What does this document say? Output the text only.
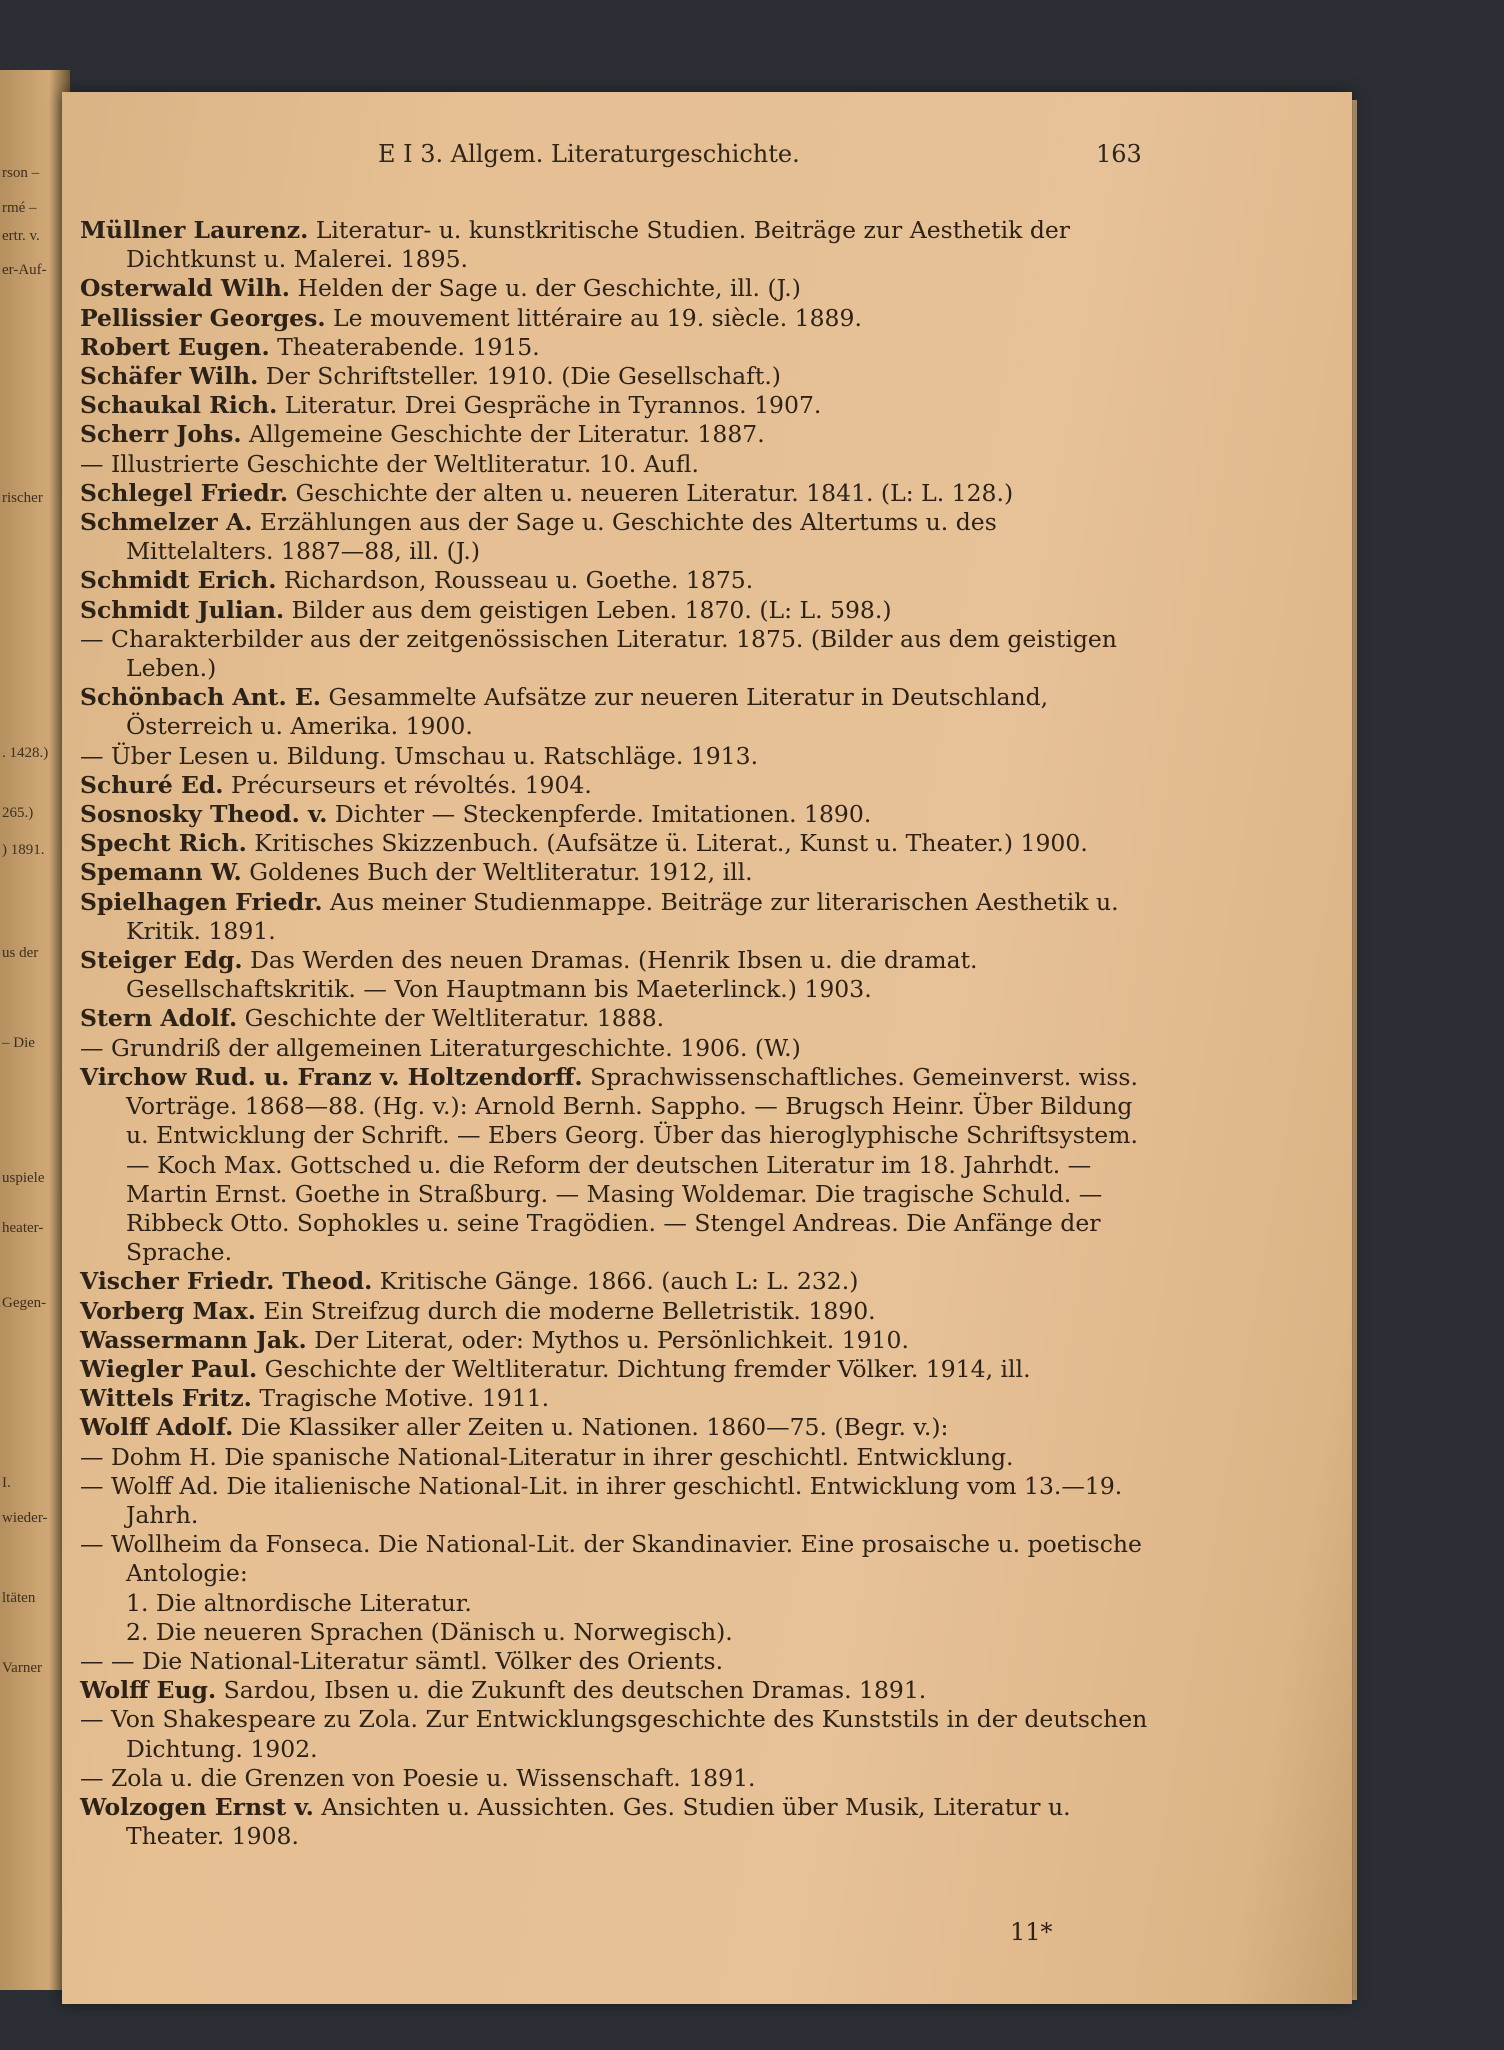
rson –
rmé –
ertr. v.
er-Auf-
rischer
. 1428.)
265.)
) 1891.
us der
– Die
uspiele
heater-
Gegen-
I.
wieder-
ltäten
Varner
E I 3. Allgem. Literaturgeschichte.	163

Müllner Laurenz. Literatur- u. kunstkritische Studien. Beiträge zur Aesthetik der Dichtkunst u. Malerei. 1895.

Osterwald Wilh. Helden der Sage u. der Geschichte, ill. (J.)

Pellissier Georges. Le mouvement littéraire au 19. siècle. 1889.

Robert Eugen. Theaterabende. 1915.

Schäfer Wilh. Der Schriftsteller. 1910. (Die Gesellschaft.)

Schaukal Rich. Literatur. Drei Gespräche in Tyrannos. 1907.

Scherr Johs. Allgemeine Geschichte der Literatur. 1887.

— Illustrierte Geschichte der Weltliteratur. 10. Aufl.

Schlegel Friedr. Geschichte der alten u. neueren Literatur. 1841. (L: L. 128.)

Schmelzer A. Erzählungen aus der Sage u. Geschichte des Altertums u. des Mittelalters. 1887—88, ill. (J.)

Schmidt Erich. Richardson, Rousseau u. Goethe. 1875.

Schmidt Julian. Bilder aus dem geistigen Leben. 1870. (L: L. 598.)

— Charakterbilder aus der zeitgenössischen Literatur. 1875. (Bilder aus dem geistigen Leben.)

Schönbach Ant. E. Gesammelte Aufsätze zur neueren Literatur in Deutschland, Österreich u. Amerika. 1900.

— Über Lesen u. Bildung. Umschau u. Ratschläge. 1913.

Schuré Ed. Précurseurs et révoltés. 1904.

Sosnosky Theod. v. Dichter — Steckenpferde. Imitationen. 1890.

Specht Rich. Kritisches Skizzenbuch. (Aufsätze ü. Literat., Kunst u. Theater.) 1900.

Spemann W. Goldenes Buch der Weltliteratur. 1912, ill.

Spielhagen Friedr. Aus meiner Studienmappe. Beiträge zur literarischen Aesthetik u. Kritik. 1891.

Steiger Edg. Das Werden des neuen Dramas. (Henrik Ibsen u. die dramat. Gesellschaftskritik. — Von Hauptmann bis Maeterlinck.) 1903.

Stern Adolf. Geschichte der Weltliteratur. 1888.

— Grundriß der allgemeinen Literaturgeschichte. 1906. (W.)

Virchow Rud. u. Franz v. Holtzendorff. Sprachwissenschaftliches. Gemeinverst. wiss. Vorträge. 1868—88. (Hg. v.): Arnold Bernh. Sappho. — Brugsch Heinr. Über Bildung u. Entwicklung der Schrift. — Ebers Georg. Über das hieroglyphische Schriftsystem. — Koch Max. Gottsched u. die Reform der deutschen Literatur im 18. Jahrhdt. — Martin Ernst. Goethe in Straßburg. — Masing Woldemar. Die tragische Schuld. — Ribbeck Otto. Sophokles u. seine Tragödien. — Stengel Andreas. Die Anfänge der Sprache.

Vischer Friedr. Theod. Kritische Gänge. 1866. (auch L: L. 232.)

Vorberg Max. Ein Streifzug durch die moderne Belletristik. 1890.

Wassermann Jak. Der Literat, oder: Mythos u. Persönlichkeit. 1910.

Wiegler Paul. Geschichte der Weltliteratur. Dichtung fremder Völker. 1914, ill.

Wittels Fritz. Tragische Motive. 1911.

Wolff Adolf. Die Klassiker aller Zeiten u. Nationen. 1860—75. (Begr. v.):

— Dohm H. Die spanische National-Literatur in ihrer geschichtl. Entwicklung.

— Wolff Ad. Die italienische National-Lit. in ihrer geschichtl. Entwicklung vom 13.—19. Jahrh.

— Wollheim da Fonseca. Die National-Lit. der Skandinavier. Eine prosaische u. poetische Antologie:

1. Die altnordische Literatur.

2. Die neueren Sprachen (Dänisch u. Norwegisch).

— — Die National-Literatur sämtl. Völker des Orients.

Wolff Eug. Sardou, Ibsen u. die Zukunft des deutschen Dramas. 1891.

— Von Shakespeare zu Zola. Zur Entwicklungsgeschichte des Kunststils in der deutschen Dichtung. 1902.

— Zola u. die Grenzen von Poesie u. Wissenschaft. 1891.

Wolzogen Ernst v. Ansichten u. Aussichten. Ges. Studien über Musik, Literatur u. Theater. 1908.

11*
